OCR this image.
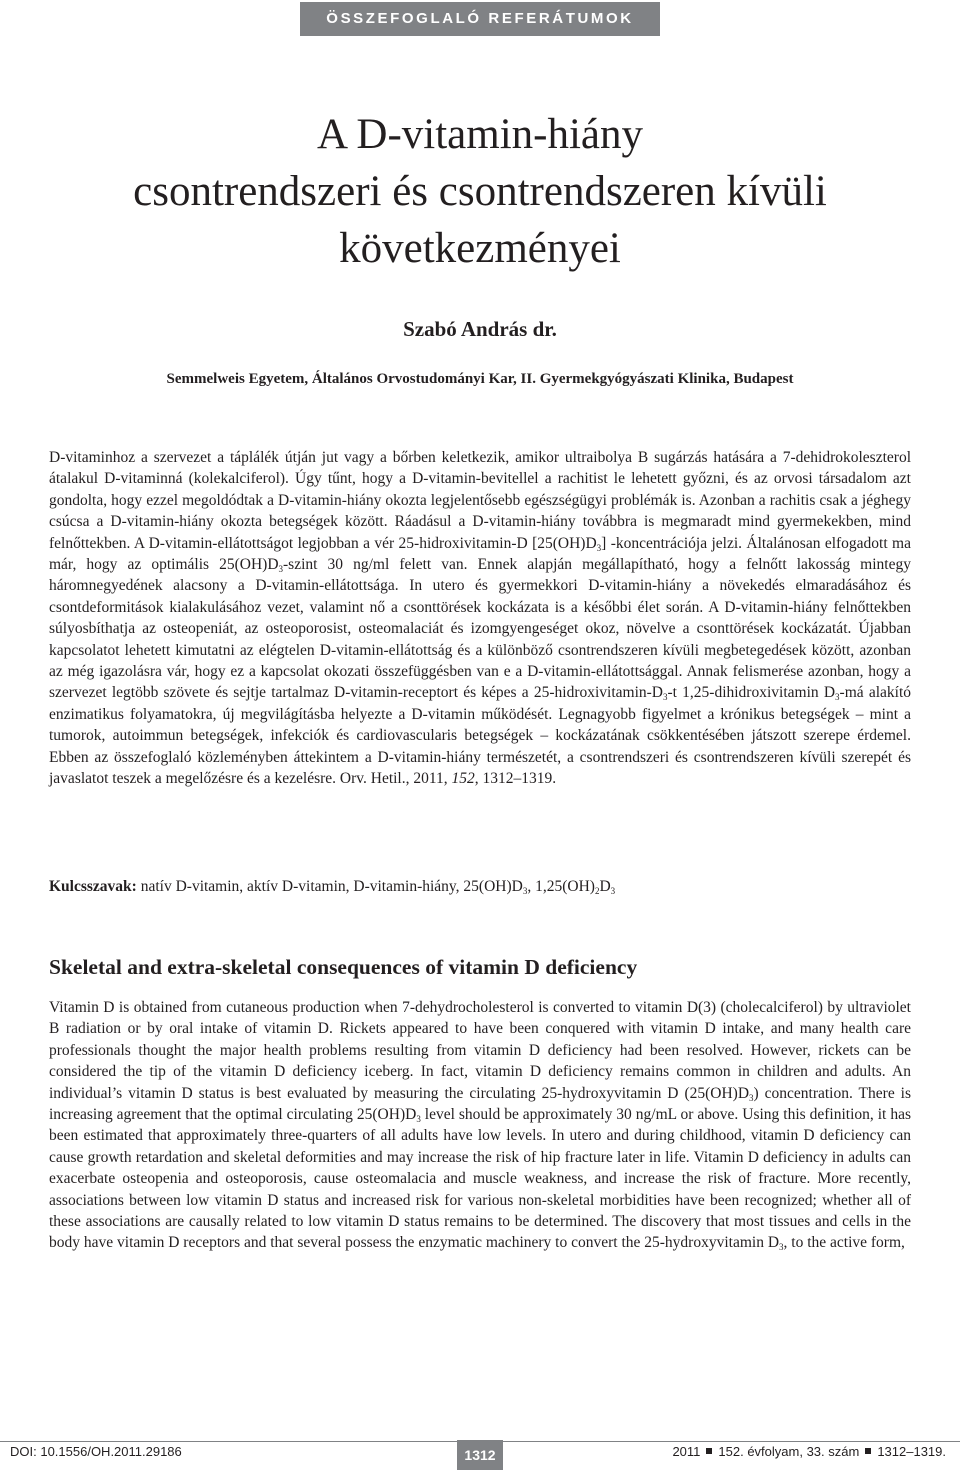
ÖSSZEFOGLALÓ REFERÁTUMOK
A D-vitamin-hiány
csontrendszeri és csontrendszeren kívüli
következményei

Szabó András dr.

Semmelweis Egyetem, Általános Orvostudományi Kar, II. Gyermekgyógyászati Klinika, Budapest

D-vitaminhoz a szervezet a táplálék útján jut vagy a bőrben keletkezik, amikor ultraibolya B sugárzás hatására a 7-dehidrokoleszterol átalakul D-vitaminná (kolekalciferol). Úgy tűnt, hogy a D-vitamin-bevitellel a rachitist le lehetett győzni, és az orvosi társadalom azt gondolta, hogy ezzel megoldódtak a D-vitamin-hiány okozta legjelentősebb egészségügyi problémák is. Azonban a rachitis csak a jéghegy csúcsa a D-vitamin-hiány okozta betegségek között. Ráadásul a D-vitamin-hiány továbbra is megmaradt mind gyermekekben, mind felnőttekben. A D-vitamin-ellátottságot legjobban a vér 25-hidroxivitamin-D $[25(OH)D_3]$ -koncentrációja jelzi. Általánosan elfogadott ma már, hogy az optimális $25(OH)D_3$-szint 30 ng/ml felett van. Ennek alapján megállapítható, hogy a felnőtt lakosság mintegy háromnegyedének alacsony a D-vitamin-ellátottsága. In utero és gyermekkori D-vitamin-hiány a növekedés elmaradásához és csontdeformitások kialakulásához vezet, valamint nő a csonttörések kockázata is a későbbi élet során. A D-vitamin-hiány felnőttekben súlyosbíthatja az osteopeniát, az osteoporosist, osteomalaciát és izomgyengeséget okoz, növelve a csonttörések kockázatát. Újabban kapcsolatot lehetett kimutatni az elégtelen D-vitamin-ellátottság és a különböző csontrendszeren kívüli megbetegedések között, azonban az még igazolásra vár, hogy ez a kapcsolat okozati összefüggésben van e a D-vitamin-ellátottsággal. Annak felismerése azonban, hogy a szervezet legtöbb szövete és sejtje tartalmaz D-vitamin-receptort és képes a $25-hidroxivitamin-D_3-t$ 1,25-dihidroxivitamin $D_3-má$ alakító enzimatikus folyamatokra, új megvilágításba helyezte a D-vitamin működését. Legnagyobb figyelmet a krónikus betegségek – mint a tumorok, autoimmun betegségek, infekciók és cardiovascularis betegségek – kockázatának csökkentésében játszott szerepe érdemel. Ebben az összefoglaló közleményben áttekintem a D-vitamin-hiány természetét, a csontrendszeri és csontrendszeren kívüli szerepét és javaslatot teszek a megelőzésre és a kezelésre. Orv. Hetil., 2011, 152, 1312–1319.

Kulcsszavak: natív D-vitamin, aktív D-vitamin, D-vitamin-hiány, $25(OH)D_3$, $1,25(OH)_2D_3$

Skeletal and extra-skeletal consequences of vitamin D deficiency

Vitamin D is obtained from cutaneous production when 7-dehydrocholesterol is converted to vitamin D(3) (cholecalciferol) by ultraviolet B radiation or by oral intake of vitamin D. Rickets appeared to have been conquered with vitamin D intake, and many health care professionals thought the major health problems resulting from vitamin D deficiency had been resolved. However, rickets can be considered the tip of the vitamin D deficiency iceberg. In fact, vitamin D deficiency remains common in children and adults. An individual’s vitamin D status is best evaluated by measuring the circulating 25-hydroxyvitamin D $(25(OH)D_3)$ concentration. There is increasing agreement that the optimal circulating $25(OH)D_3$ level should be approximately 30 ng/mL or above. Using this definition, it has been estimated that approximately three-quarters of all adults have low levels. In utero and during childhood, vitamin D deficiency can cause growth retardation and skeletal deformities and may increase the risk of hip fracture later in life. Vitamin D deficiency in adults can exacerbate osteopenia and osteoporosis, cause osteomalacia and muscle weakness, and increase the risk of fracture. More recently, associations between low vitamin D status and increased risk for various non-skeletal morbidities have been recognized; whether all of these associations are causally related to low vitamin D status remains to be determined. The discovery that most tissues and cells in the body have vitamin D receptors and that several possess the enzymatic machinery to convert the 25-hydroxyvitamin $D_3$, to the active form,

DOI: 10.1556/OH.2011.29186	1312	2011 152. évfolyam, 33. szám 1312–1319.
